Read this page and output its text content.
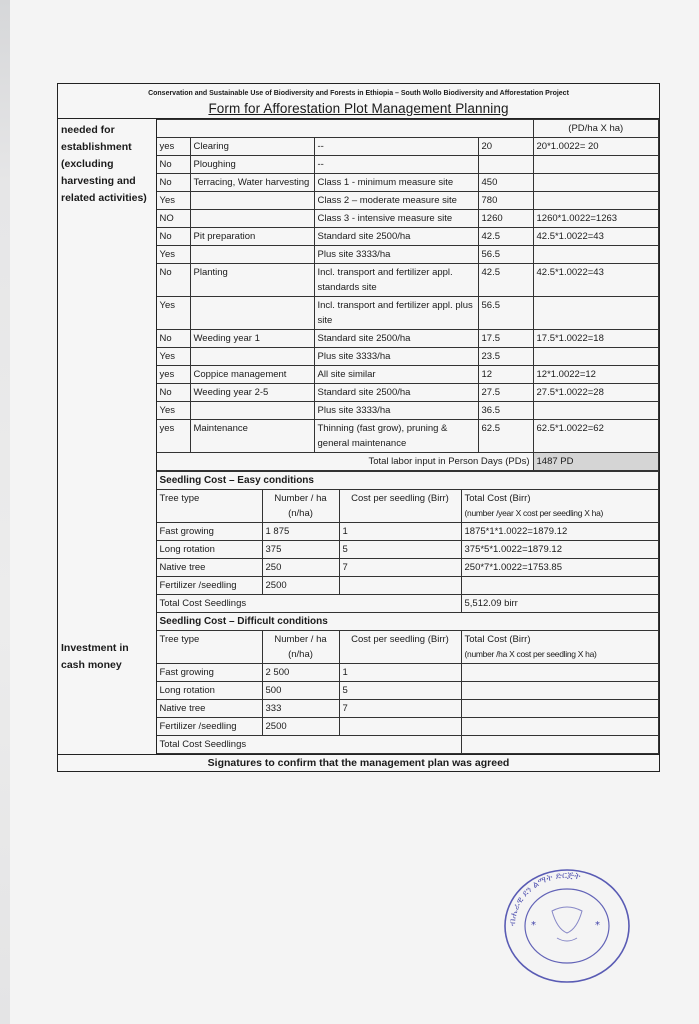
Conservation and Sustainable Use of Biodiversity and Forests in Ethiopia – South Wollo Biodiversity and Afforestation Project
Form for Afforestation Plot Management Planning
needed for establishment (excluding harvesting and related activities)					(PD/ha X ha)
	yes	Clearing	--	20	20*1.0022= 20
	No	Ploughing	--		
	No	Terracing, Water harvesting	Class 1 - minimum measure site	450	
	Yes		Class 2 – moderate measure site	780	
	NO		Class 3 - intensive measure site	1260	1260*1.0022=1263
	No	Pit preparation	Standard site 2500/ha	42.5	42.5*1.0022=43
	Yes		Plus site 3333/ha	56.5	
	No	Planting	Incl. transport and fertilizer appl. standards site	42.5	42.5*1.0022=43
	Yes		Incl. transport and fertilizer appl. plus site	56.5	
	No	Weeding year 1	Standard site 2500/ha	17.5	17.5*1.0022=18
	Yes		Plus site 3333/ha	23.5	
	yes	Coppice management	All site similar	12	12*1.0022=12
	No	Weeding year 2-5	Standard site 2500/ha	27.5	27.5*1.0022=28
	Yes		Plus site 3333/ha	36.5	
	yes	Maintenance	Thinning (fast grow), pruning & general maintenance	62.5	62.5*1.0022=62
	Total labor input in Person Days (PDs)				1487 PD
Investment in cash money	Seedling Cost – Easy conditions			
	Tree type	Number / ha (n/ha)	Cost per seedling (Birr)	Total Cost (Birr)
(number /year X cost per seedling X ha)

	Fast growing	1 875	1	1875*1*1.0022=1879.12
	Long rotation	375	5	375*5*1.0022=1879.12
	Native tree	250	7	250*7*1.0022=1753.85
	Fertilizer /seedling	2500		
	Total Cost Seedlings			5,512.09 birr
	Seedling Cost – Difficult conditions			
	Tree type	Number / ha (n/ha)	Cost per seedling (Birr)	Total Cost (Birr)
(number /ha X cost per seedling X ha)

	Fast growing	2 500	1	
	Long rotation	500	5	
	Native tree	333	7	
	Fertilizer /seedling	2500		
	Total Cost Seedlings			
Signatures to confirm that the management plan was agreed
ብሔራዊ ደን ልማት ድርጅት
*	*
